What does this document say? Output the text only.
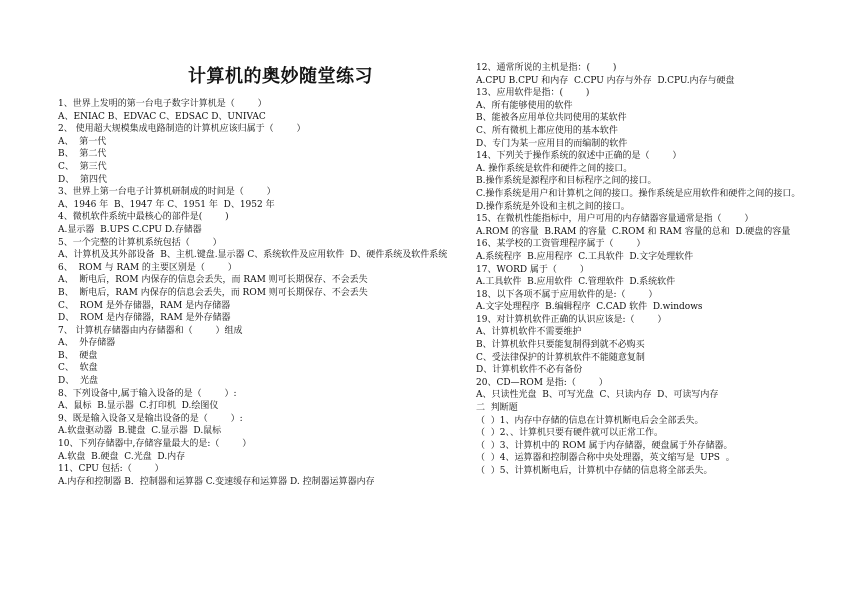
计算机的奥妙随堂练习
1、世界上发明的第一台电子数字计算机是（        ）
A、ENIAC B、EDVAC C、EDSAC D、UNIVAC
2、 使用超大规模集成电路制造的计算机应该归属于（        ）
A、  第一代
B、  第二代
C、  第三代
D、  第四代
3、世界上第一台电子计算机研制成的时间是（        ）
A、1946 年  B、1947 年 C、1951 年  D、1952 年
4、微机软件系统中最核心的部件是(        )
A.显示器  B.UPS C.CPU D.存储器
5、一个完整的计算机系统包括（        ）
A、计算机及其外部设备  B、主机.键盘.显示器 C、系统软件及应用软件  D、硬件系统及软件系统
6、  ROM 与 RAM 的主要区别是（        ）
A、  断电后，ROM 内保存的信息会丢失，而 RAM 则可长期保存、不会丢失
B、  断电后，RAM 内保存的信息会丢失，而 ROM 则可长期保存、不会丢失
C、  ROM 是外存储器，RAM 是内存储器
D、  ROM 是内存储器，RAM 是外存储器
7、 计算机存储器由内存储器和（        ）组成
A、  外存储器
B、  硬盘
C、  软盘
D、  光盘
8、下列设备中,属于输入设备的是（        ）:
A、鼠标  B.显示器  C.打印机  D.绘图仪
9、既是输入设备又是输出设备的是（        ）:
A.软盘驱动器  B.键盘  C.显示器  D.鼠标
10、下列存储器中,存储容量最大的是:（        ）
A.软盘  B.硬盘  C.光盘  D.内存
11、CPU 包括:（        ）
A.内存和控制器 B．控制器和运算器 C.变速缓存和运算器 D. 控制器运算器内存
12、通常所说的主机是指：(        )
A.CPU B.CPU 和内存  C.CPU 内存与外存  D.CPU.内存与硬盘
13、应用软件是指：(        )
A、所有能够使用的软件
B、能被各应用单位共同使用的某软件
C、所有微机上都应使用的基本软件
D、专门为某一应用目的而编制的软件
14、下列关于操作系统的叙述中正确的是（        ）
A. 操作系统是软件和硬件之间的接口。
B.操作系统是源程序和目标程序之间的接口。
C.操作系统是用户和计算机之间的接口。操作系统是应用软件和硬件之间的接口。
D.操作系统是外设和主机之间的接口。
15、在微机性能指标中，用户可用的内存储器容量通常是指（        ）
A.ROM 的容量  B.RAM 的容量  C.ROM 和 RAM 容量的总和  D.硬盘的容量
16、某学校的工资管理程序属于（        ）
A.系统程序  B.应用程序  C.工具软件  D.文字处理软件
17、WORD 属于（        ）
A.工具软件  B.应用软件  C.管理软件  D.系统软件
18、以下各项不属于应用软件的是:（        ）
A.文字处理程序  B.编辑程序  C.CAD 软件  D.windows
19、对计算机软件正确的认识应该是:（        ）
A、计算机软件不需要维护
B、计算机软件只要能复制得到就不必购买
C、受法律保护的计算机软件不能随意复制
D、计算机软件不必有备份
20、CD—ROM 是指:（        ）
A、只读性光盘  B、可写光盘  C、只读内存  D、可读写内存
二  判断题
（  ）1、内存中存储的信息在计算机断电后会全部丢失。
（  ）2、、计算机只要有硬件就可以正常工作。
（  ）3、计算机中的 ROM 属于内存储器，硬盘属于外存储器。
（  ）4、运算器和控制器合称中央处理器，英文缩写是  UPS  。
（  ）5、计算机断电后，计算机中存储的信息将全部丢失。
